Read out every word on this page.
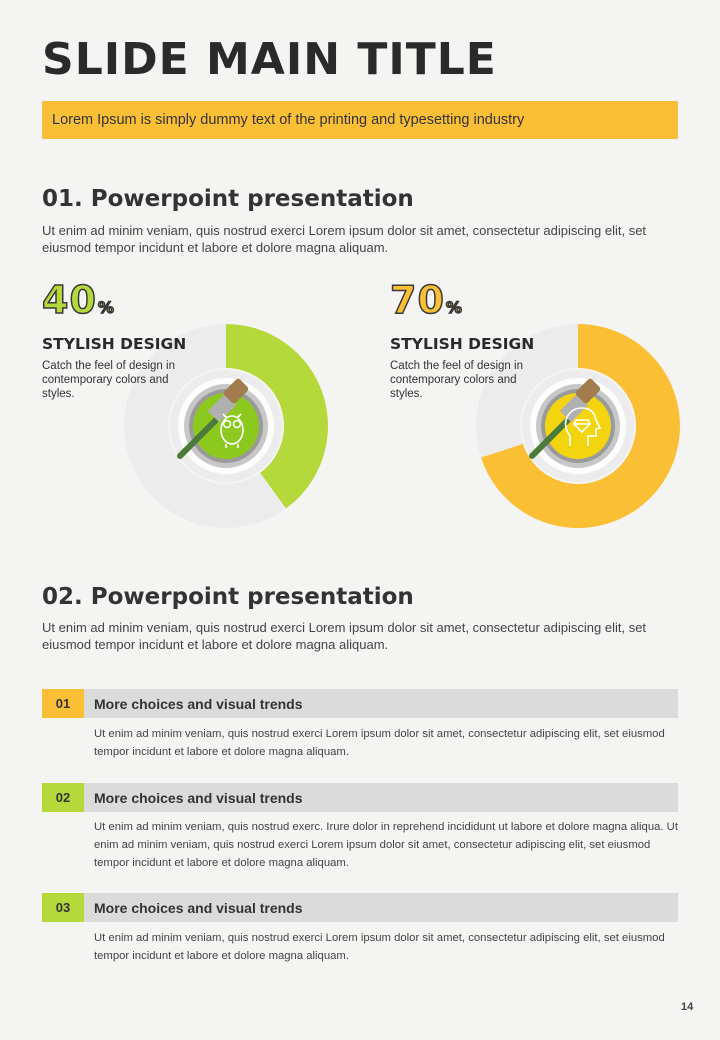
SLIDE MAIN TITLE
Lorem Ipsum is simply dummy text of the printing and typesetting industry
01. Powerpoint presentation
Ut enim ad minim veniam, quis nostrud exerci Lorem ipsum dolor sit amet, consectetur adipiscing elit, set eiusmod tempor incidunt et labore et dolore magna aliquam.
40%
STYLISH DESIGN
Catch the feel of design in contemporary colors and styles.
70%
STYLISH DESIGN
Catch the feel of design in contemporary colors and styles.
02. Powerpoint presentation
Ut enim ad minim veniam, quis nostrud exerci Lorem ipsum dolor sit amet, consectetur adipiscing elit, set eiusmod tempor incidunt et labore et dolore magna aliquam.
01	More choices and visual trends
Ut enim ad minim veniam, quis nostrud exerci Lorem ipsum dolor sit amet, consectetur adipiscing elit, set eiusmod tempor incidunt et labore et dolore magna aliquam.
02	More choices and visual trends
Ut enim ad minim veniam, quis nostrud exerc. Irure dolor in reprehend incididunt ut labore et dolore magna aliqua. Ut enim ad minim veniam, quis nostrud exerci Lorem ipsum dolor sit amet, consectetur adipiscing elit, set eiusmod tempor incidunt et labore et dolore magna aliquam.
03	More choices and visual trends
Ut enim ad minim veniam, quis nostrud exerci Lorem ipsum dolor sit amet, consectetur adipiscing elit, set eiusmod tempor incidunt et labore et dolore magna aliquam.
14
